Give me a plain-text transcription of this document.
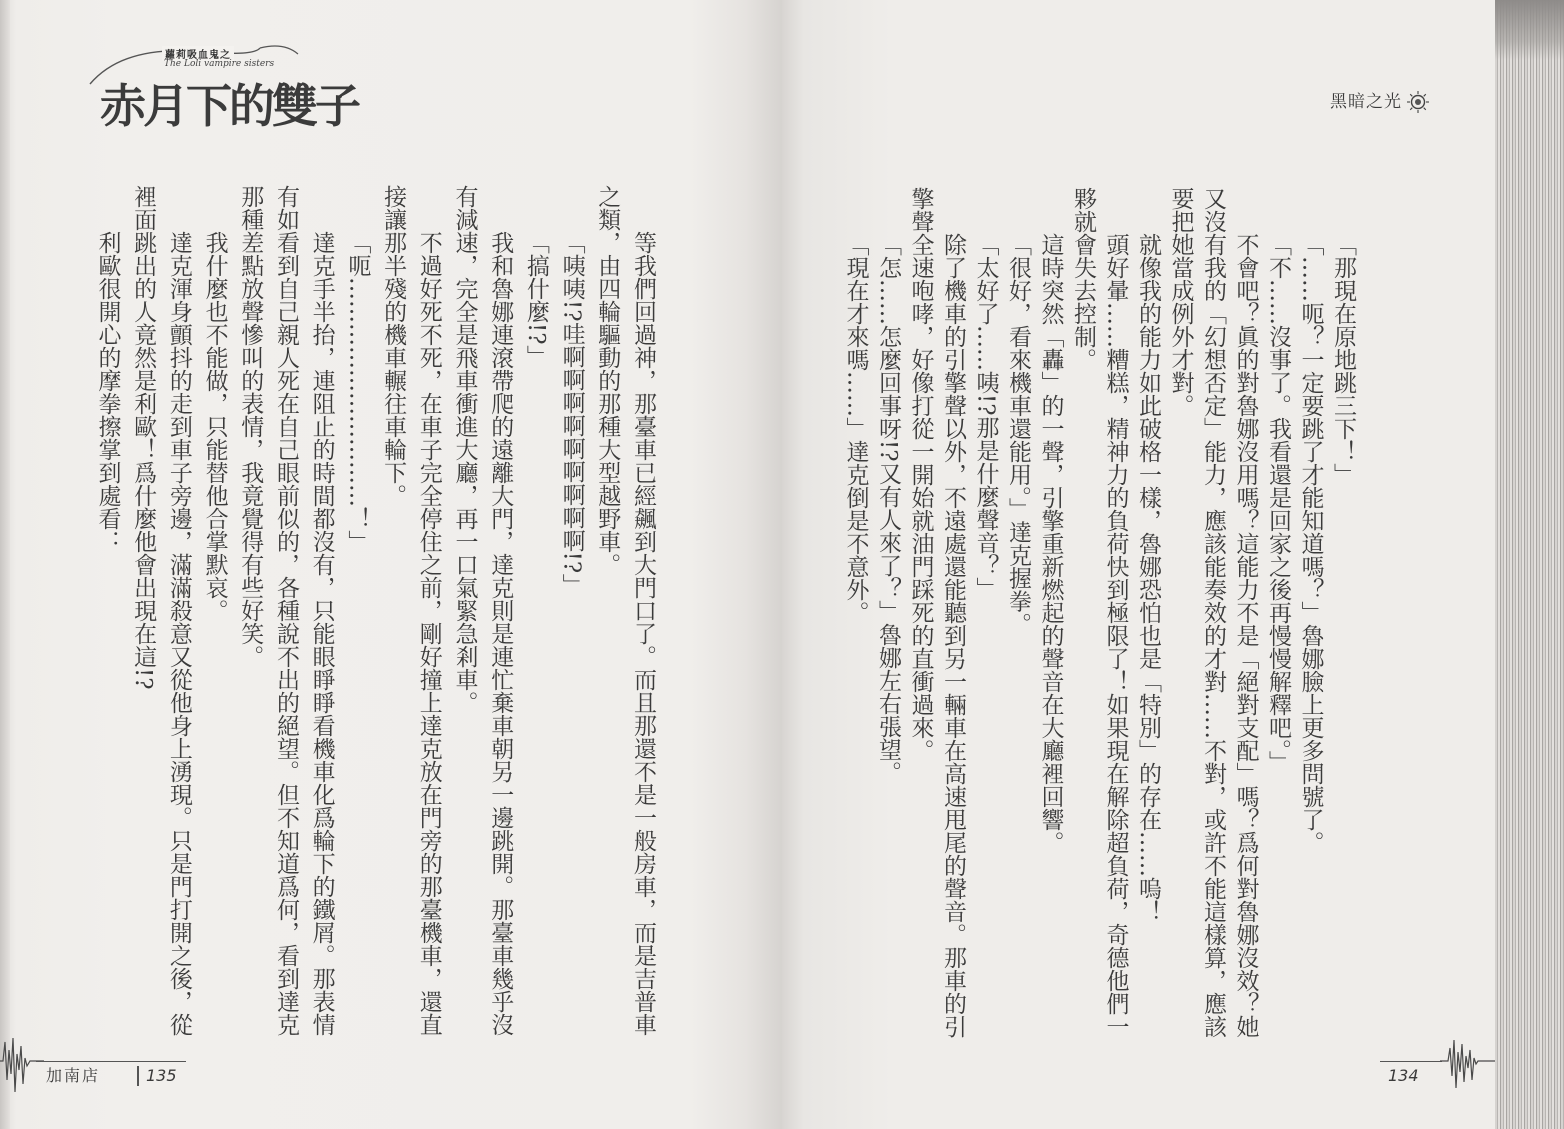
蘿莉吸血鬼之
The Loli vampire sisters
赤月下的雙子
等我們回過神，那臺車已經飆到大門口了。而且那還不是一般房車，而是吉普車
之類，由四輪驅動的那種大型越野車。
「咦咦!?哇啊啊啊啊啊啊啊啊啊!?」
「搞什麼!?」
我和魯娜連滾帶爬的遠離大門，達克則是連忙棄車朝另一邊跳開。那臺車幾乎沒
有減速，完全是飛車衝進大廳，再一口氣緊急剎車。
不過好死不死，在車子完全停住之前，剛好撞上達克放在門旁的那臺機車，還直
接讓那半殘的機車輾往車輪下。
「呃…………………………！」
達克手半抬，連阻止的時間都沒有，只能眼睜睜看機車化爲輪下的鐵屑。那表情
有如看到自己親人死在自己眼前似的，各種說不出的絕望。但不知道爲何，看到達克
那種差點放聲慘叫的表情，我竟覺得有些好笑。
我什麼也不能做，只能替他合掌默哀。
達克渾身顫抖的走到車子旁邊，滿滿殺意又從他身上湧現。只是門打開之後，從
裡面跳出的人竟然是利歐！爲什麼他會出現在這!?
利歐很開心的摩拳擦掌到處看：
黑暗之光
「那現在原地跳三下！」
「……呃？一定要跳了才能知道嗎？」魯娜臉上更多問號了。
「不……沒事了。我看還是回家之後再慢慢解釋吧。」
不會吧？眞的對魯娜沒用嗎？這能力不是「絕對支配」嗎？爲何對魯娜沒效？她
又沒有我的「幻想否定」能力，應該能奏效的才對……不對，或許不能這樣算，應該
要把她當成例外才對。
就像我的能力如此破格一樣，魯娜恐怕也是「特別」的存在……嗚！
頭好暈……糟糕，精神力的負荷快到極限了！如果現在解除超負荷，奇德他們一
夥就會失去控制。
這時突然「轟」的一聲，引擎重新燃起的聲音在大廳裡回響。
「很好，看來機車還能用。」達克握拳。
「太好了……咦!?那是什麼聲音？」
除了機車的引擎聲以外，不遠處還能聽到另一輛車在高速甩尾的聲音。那車的引
擎聲全速咆哮，好像打從一開始就油門踩死的直衝過來。
「怎……怎麼回事呀!?又有人來了？」魯娜左右張望。
「現在才來嗎……」達克倒是不意外。
加南店	135	134
